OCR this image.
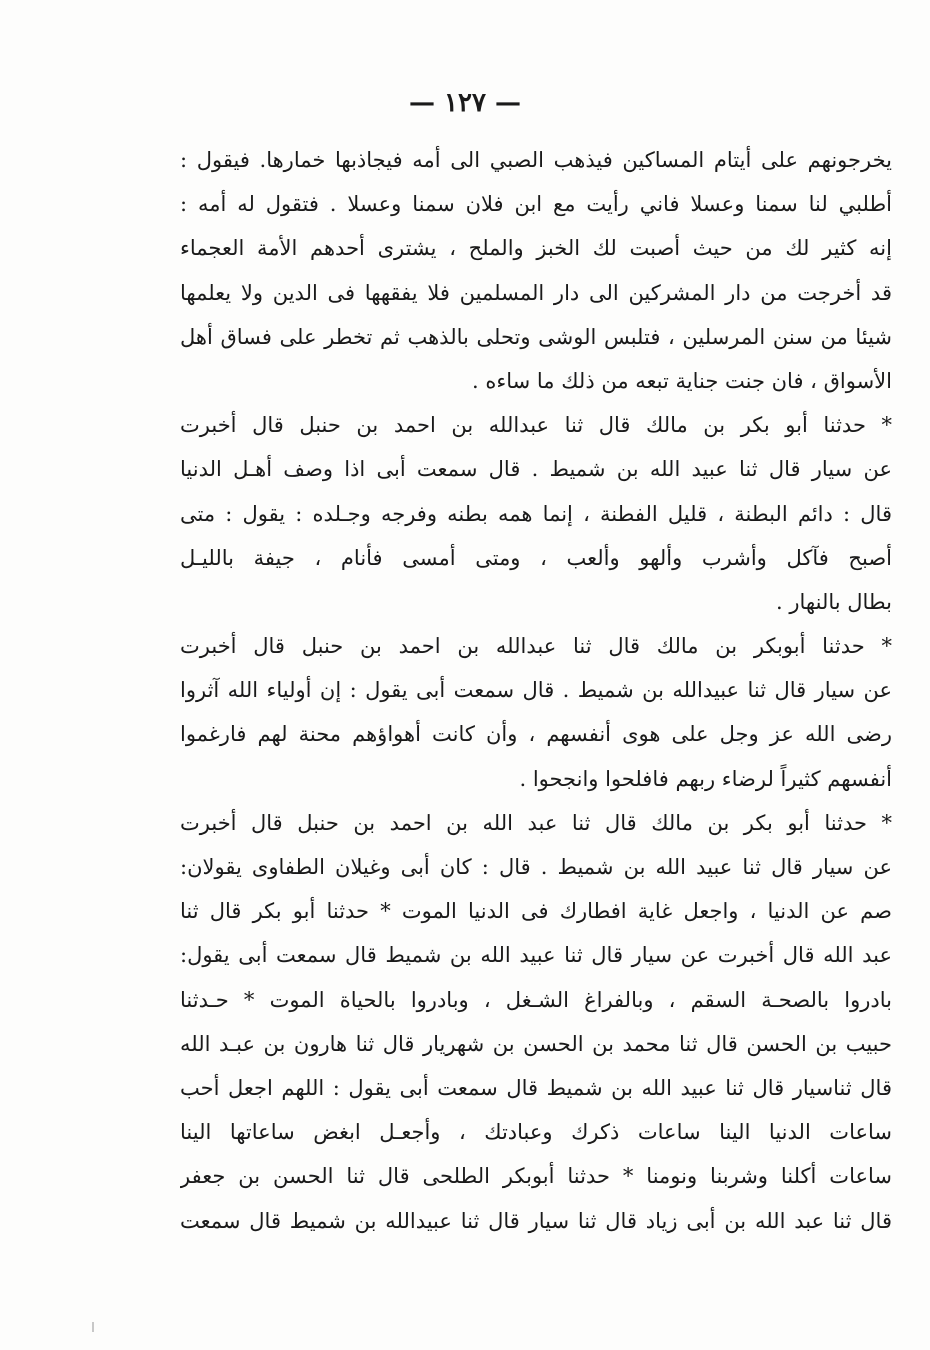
— ١٢٧ —
يخرجونهم على أيتام المساكين فيذهب الصبي الى أمه فيجاذبها خمارها. فيقول :
أطلبي لنا سمنا وعسلا فاني رأيت مع ابن فلان سمنا وعسلا . فتقول له أمه :
إنه كثير لك من حيث أصبت لك الخبز والملح ، يشترى أحدهم الأمة العجماء
قد أخرجت من دار المشركين الى دار المسلمين فلا يفقهها فى الدين ولا يعلمها
شيئا من سنن المرسلين ، فتلبس الوشى وتحلى بالذهب ثم تخطر على فساق أهل
الأسواق ، فان جنت جناية تبعه من ذلك ما ساءه .
* حدثنا أبو بكر بن مالك قال ثنا عبدالله بن احمد بن حنبل قال أخبرت
عن سيار قال ثنا عبيد الله بن شميط . قال سمعت أبى اذا وصف أهـل الدنيا
قال : دائم البطنة ، قليل الفطنة ، إنما همه بطنه وفرجه وجـلده : يقول : متى
أصبح فآكل وأشرب وألهو وألعب ، ومتى أمسى فأنام ، جيفة بالليـل
بطال بالنهار .
* حدثنا أبوبكر بن مالك قال ثنا عبدالله بن احمد بن حنبل قال أخبرت
عن سيار قال ثنا عبيدالله بن شميط . قال سمعت أبى يقول : إن أولياء الله آثروا
رضى الله عز وجل على هوى أنفسهم ، وأن كانت أهواؤهم محنة لهم فارغموا
أنفسهم كثيراً لرضاء ربهم فافلحوا وانجحوا .
* حدثنا أبو بكر بن مالك قال ثنا عبد الله بن احمد بن حنبل قال أخبرت
عن سيار قال ثنا عبيد الله بن شميط . قال : كان أبى وغيلان الطفاوى يقولان:
صم عن الدنيا ، واجعل غاية افطارك فى الدنيا الموت * حدثنا أبو بكر قال ثنا
عبد الله قال أخبرت عن سيار قال ثنا عبيد الله بن شميط قال سمعت أبى يقول:
بادروا بالصحـة السقم ، وبالفراغ الشـغل ، وبادروا بالحياة الموت * حـدثنا
حبيب بن الحسن قال ثنا محمد بن الحسن بن شهريار قال ثنا هارون بن عبـد الله
قال ثناسيار قال ثنا عبيد الله بن شميط قال سمعت أبى يقول : اللهم اجعل أحب
ساعات الدنيا الينا ساعات ذكرك وعبادتك ، وأجعـل ابغض ساعاتها الينا
ساعات أكلنا وشربنا ونومنا * حدثنا أبوبكر الطلحى قال ثنا الحسن بن جعفر
قال ثنا عبد الله بن أبى زياد قال ثنا سيار قال ثنا عبيدالله بن شميط قال سمعت
